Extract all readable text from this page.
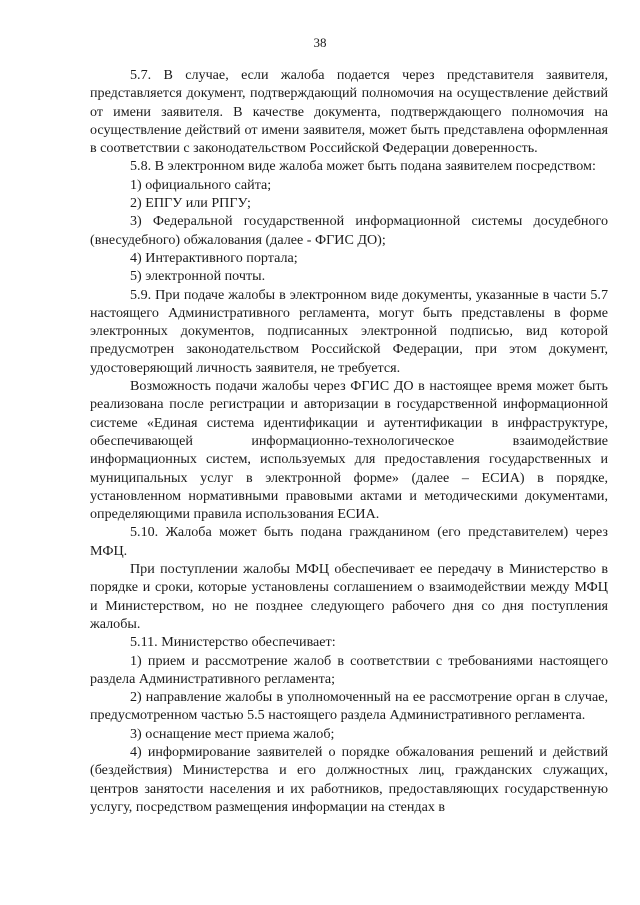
38

5.7. В случае, если жалоба подается через представителя заявителя, представляется документ, подтверждающий полномочия на осуществление действий от имени заявителя. В качестве документа, подтверждающего полномочия на осуществление действий от имени заявителя, может быть представлена оформленная в соответствии с законодательством Российской Федерации доверенность.

5.8. В электронном виде жалоба может быть подана заявителем посредством:

1) официального сайта;

2) ЕПГУ или РПГУ;

3) Федеральной государственной информационной системы досудебного (внесудебного) обжалования (далее - ФГИС ДО);

4) Интерактивного портала;

5) электронной почты.

5.9. При подаче жалобы в электронном виде документы, указанные в части 5.7 настоящего Административного регламента, могут быть представлены в форме электронных документов, подписанных электронной подписью, вид которой предусмотрен законодательством Российской Федерации, при этом документ, удостоверяющий личность заявителя, не требуется.

Возможность подачи жалобы через ФГИС ДО в настоящее время может быть реализована после регистрации и авторизации в государственной информационной системе «Единая система идентификации и аутентификации в инфраструктуре, обеспечивающей информационно-технологическое взаимодействие информационных систем, используемых для предоставления государственных и муниципальных услуг в электронной форме» (далее – ЕСИА) в порядке, установленном нормативными правовыми актами и методическими документами, определяющими правила использования ЕСИА.

5.10. Жалоба может быть подана гражданином (его представителем) через МФЦ.

При поступлении жалобы МФЦ обеспечивает ее передачу в Министерство в порядке и сроки, которые установлены соглашением о взаимодействии между МФЦ и Министерством, но не позднее следующего рабочего дня со дня поступления жалобы.

5.11. Министерство обеспечивает:

1) прием и рассмотрение жалоб в соответствии с требованиями настоящего раздела Административного регламента;

2) направление жалобы в уполномоченный на ее рассмотрение орган в случае, предусмотренном частью 5.5 настоящего раздела Административного регламента.

3) оснащение мест приема жалоб;

4) информирование заявителей о порядке обжалования решений и действий (бездействия) Министерства и его должностных лиц, гражданских служащих, центров занятости населения и их работников, предоставляющих государственную услугу, посредством размещения информации на стендах в
